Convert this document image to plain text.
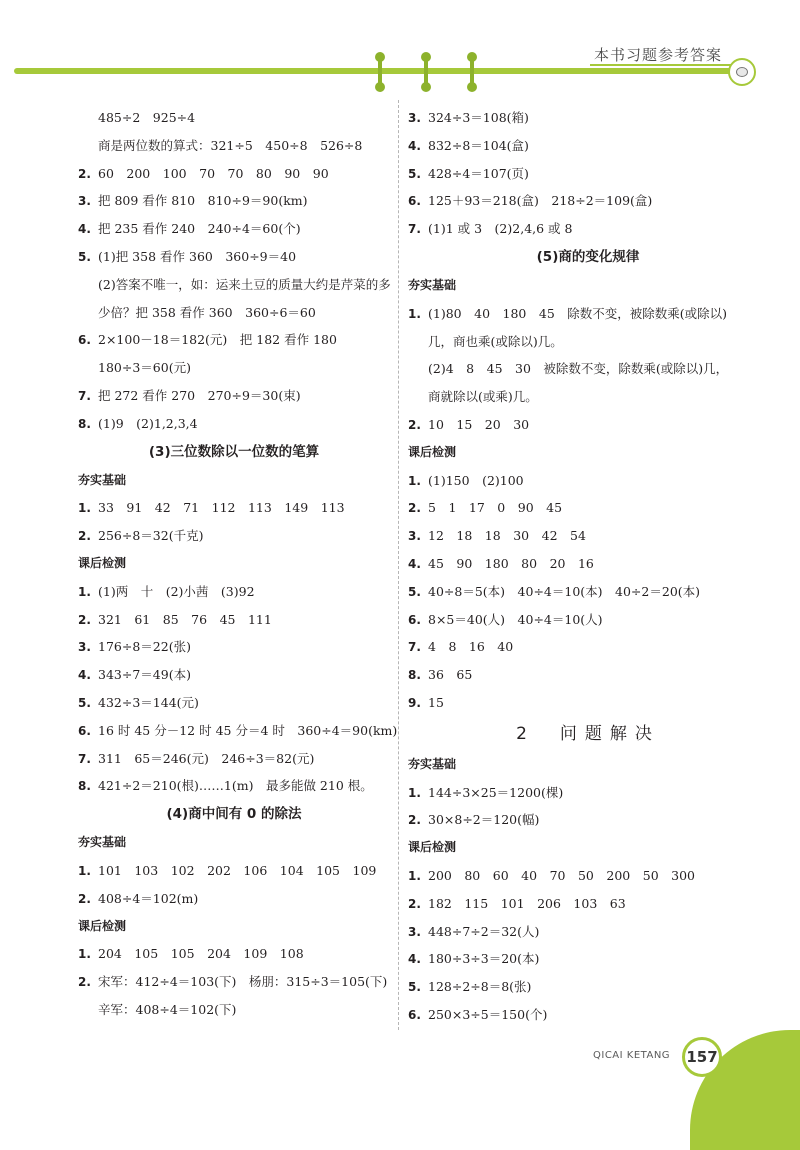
本书习题参考答案
485÷2　925÷4
商是两位数的算式：321÷5　450÷8　526÷8
2. 60　200　100　70　70　80　90　90
3. 把 809 看作 810　810÷9＝90(km)
4. 把 235 看作 240　240÷4＝60(个)
5. (1)把 358 看作 360　360÷9＝40
(2)答案不唯一，如：运来土豆的质量大约是芹菜的多
少倍？把 358 看作 360　360÷6＝60
6. 2×100－18＝182(元)　把 182 看作 180
180÷3＝60(元)
7. 把 272 看作 270　270÷9＝30(束)
8. (1)9　(2)1,2,3,4
(3)三位数除以一位数的笔算
夯实基础
1. 33　91　42　71　112　113　149　113
2. 256÷8＝32(千克)
课后检测
1. (1)两　十　(2)小茜　(3)92
2. 321　61　85　76　45　111
3. 176÷8＝22(张)
4. 343÷7＝49(本)
5. 432÷3＝144(元)
6. 16 时 45 分－12 时 45 分＝4 时　360÷4＝90(km)
7. 311　65＝246(元)　246÷3＝82(元)
8. 421÷2＝210(根)……1(m)　最多能做 210 根。
(4)商中间有 0 的除法
夯实基础
1. 101　103　102　202　106　104　105　109
2. 408÷4＝102(m)
课后检测
1. 204　105　105　204　109　108
2. 宋军：412÷4＝103(下)　杨朋：315÷3＝105(下)
辛军：408÷4＝102(下)
3. 324÷3＝108(箱)
4. 832÷8＝104(盒)
5. 428÷4＝107(页)
6. 125＋93＝218(盒)　218÷2＝109(盒)
7. (1)1 或 3　(2)2,4,6 或 8
(5)商的变化规律
夯实基础
1. (1)80　40　180　45　除数不变，被除数乘(或除以)
几，商也乘(或除以)几。
(2)4　8　45　30　被除数不变，除数乘(或除以)几，
商就除以(或乘)几。
2. 10　15　20　30
课后检测
1. (1)150　(2)100
2. 5　1　17　0　90　45
3. 12　18　18　30　42　54
4. 45　90　180　80　20　16
5. 40÷8＝5(本)　40÷4＝10(本)　40÷2＝20(本)
6. 8×5＝40(人)　40÷4＝10(人)
7. 4　8　16　40
8. 36　65
9. 15
2　问题解决
夯实基础
1. 144÷3×25＝1200(棵)
2. 30×8÷2＝120(幅)
课后检测
1. 200　80　60　40　70　50　200　50　300
2. 182　115　101　206　103　63
3. 448÷7÷2＝32(人)
4. 180÷3÷3＝20(本)
5. 128÷2÷8＝8(张)
6. 250×3÷5＝150(个)
QICAI KETANG 157
